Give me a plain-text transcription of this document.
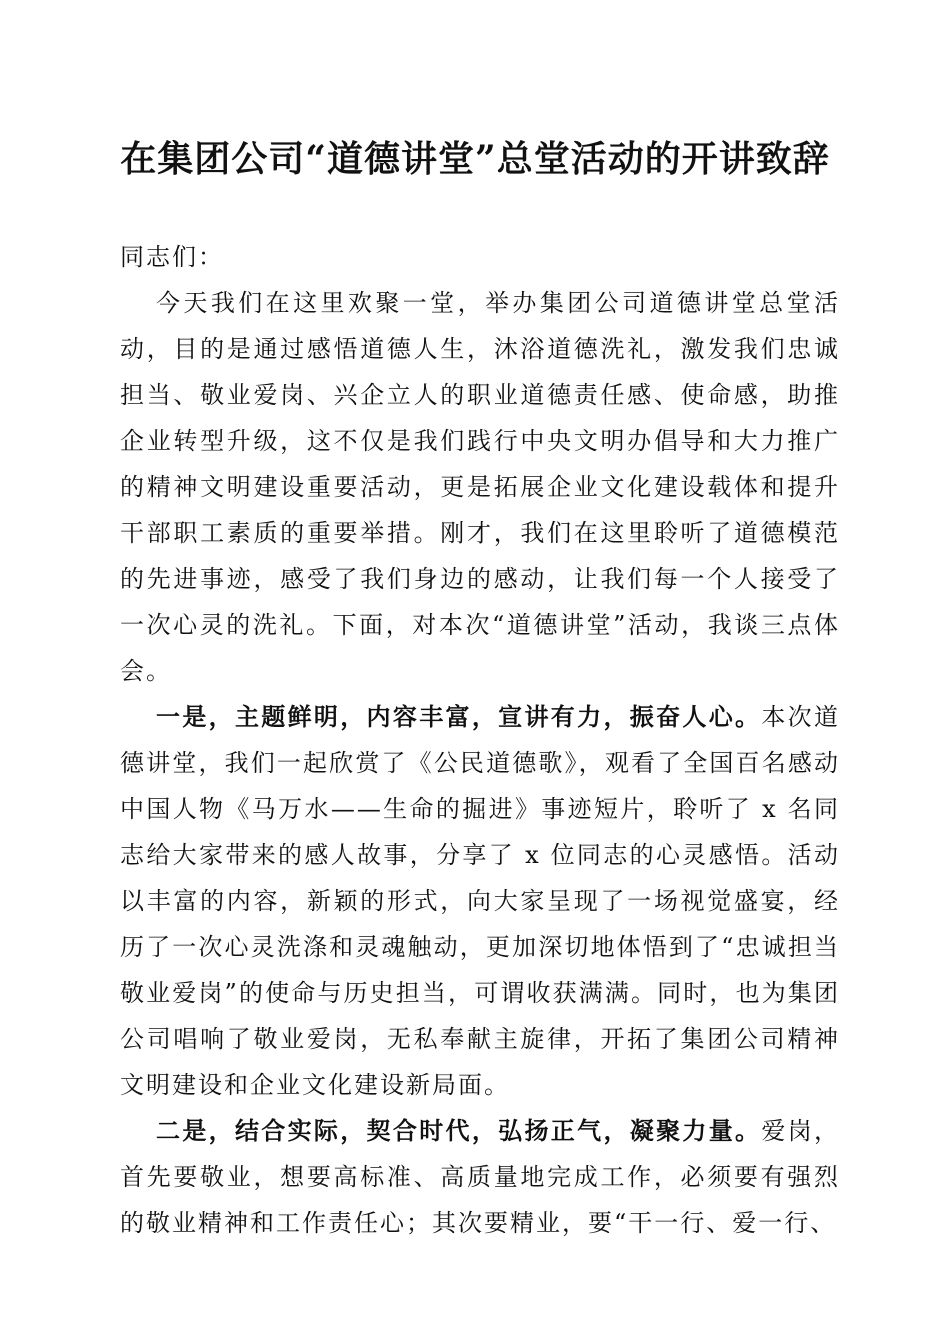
在集团公司“道德讲堂”总堂活动的开讲致辞

同志们：

今天我们在这里欢聚一堂，举办集团公司道德讲堂总堂活动，目的是通过感悟道德人生，沐浴道德洗礼，激发我们忠诚担当、敬业爱岗、兴企立人的职业道德责任感、使命感，助推企业转型升级，这不仅是我们践行中央文明办倡导和大力推广的精神文明建设重要活动，更是拓展企业文化建设载体和提升干部职工素质的重要举措。刚才，我们在这里聆听了道德模范的先进事迹，感受了我们身边的感动，让我们每一个人接受了一次心灵的洗礼。下面，对本次“道德讲堂”活动，我谈三点体会。

一是，主题鲜明，内容丰富，宣讲有力，振奋人心。本次道德讲堂，我们一起欣赏了《公民道德歌》，观看了全国百名感动中国人物《马万水——生命的掘进》事迹短片，聆听了 x 名同志给大家带来的感人故事，分享了 x 位同志的心灵感悟。活动以丰富的内容，新颖的形式，向大家呈现了一场视觉盛宴，经历了一次心灵洗涤和灵魂触动，更加深切地体悟到了“忠诚担当敬业爱岗”的使命与历史担当，可谓收获满满。同时，也为集团公司唱响了敬业爱岗，无私奉献主旋律，开拓了集团公司精神文明建设和企业文化建设新局面。

二是，结合实际，契合时代，弘扬正气，凝聚力量。爱岗，首先要敬业，想要高标准、高质量地完成工作，必须要有强烈的敬业精神和工作责任心；其次要精业，要“干一行、爱一行、
